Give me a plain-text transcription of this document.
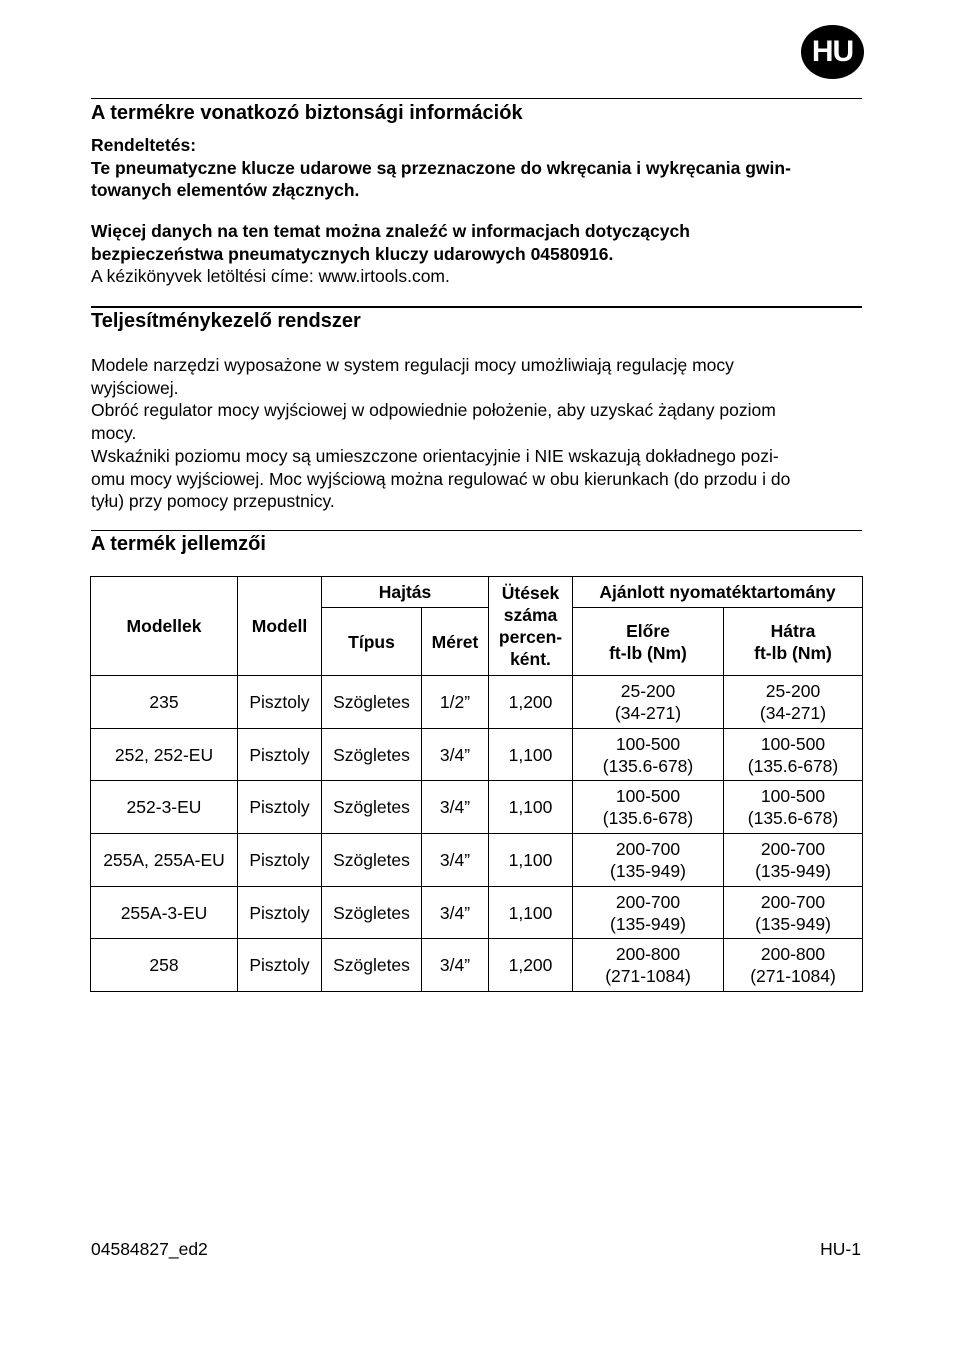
HU
A termékre vonatkozó biztonsági információk
Rendeltetés:
Te pneumatyczne klucze udarowe są przeznaczone do wkręcania i wykręcania gwin-
towanych elementów złącznych.
Więcej danych na ten temat można znaleźć w informacjach dotyczących
bezpieczeństwa pneumatycznych kluczy udarowych 04580916.
A kézikönyvek letöltési címe: www.irtools.com.
Teljesítménykezelő rendszer
Modele narzędzi wyposażone w system regulacji mocy umożliwiają regulację mocy
wyjściowej.
Obróć regulator mocy wyjściowej w odpowiednie położenie, aby uzyskać żądany poziom
mocy.
Wskaźniki poziomu mocy są umieszczone orientacyjnie i NIE wskazują dokładnego pozi-
omu mocy wyjściowej. Moc wyjściową można regulować w obu kierunkach (do przodu i do
tyłu) przy pomocy przepustnicy.
A termék jellemzői
Modellek	Modell	Hajtás		Ütések
száma
percen-
ként.	Ajánlott nyomatéktartomány	
		Típus	Méret		Előre
ft-lb (Nm)	Hátra
ft-lb (Nm)

235	Pisztoly	Szögletes	1/2”	1,200	25-200
(34-271)	25-200
(34-271)

252, 252-EU	Pisztoly	Szögletes	3/4”	1,100	100-500
(135.6-678)	100-500
(135.6-678)

252-3-EU	Pisztoly	Szögletes	3/4”	1,100	100-500
(135.6-678)	100-500
(135.6-678)

255A, 255A-EU	Pisztoly	Szögletes	3/4”	1,100	200-700
(135-949)	200-700
(135-949)

255A-3-EU	Pisztoly	Szögletes	3/4”	1,100	200-700
(135-949)	200-700
(135-949)

258	Pisztoly	Szögletes	3/4”	1,200	200-800
(271-1084)	200-800
(271-1084)
04584827_ed2	HU-1
